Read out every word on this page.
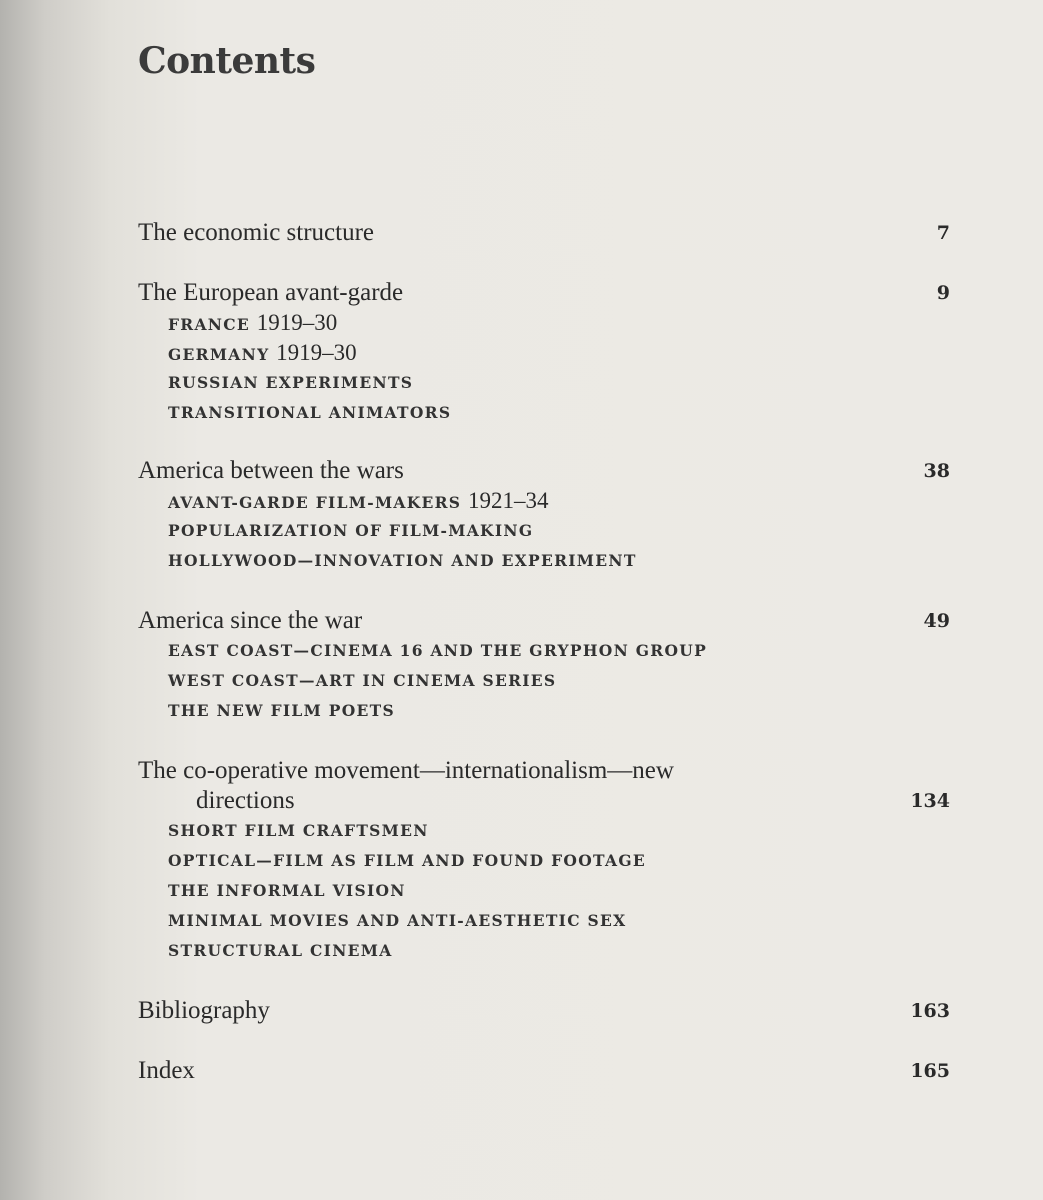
Contents
The economic structure	7
The European avant-garde	9
FRANCE 1919–30
GERMANY 1919–30
RUSSIAN EXPERIMENTS
TRANSITIONAL ANIMATORS
America between the wars	38
AVANT-GARDE FILM-MAKERS 1921–34
POPULARIZATION OF FILM-MAKING
HOLLYWOOD—INNOVATION AND EXPERIMENT
America since the war	49
EAST COAST—CINEMA 16 AND THE GRYPHON GROUP
WEST COAST—ART IN CINEMA SERIES
THE NEW FILM POETS
The co-operative movement—internationalism—new
directions	134
SHORT FILM CRAFTSMEN
OPTICAL—FILM AS FILM AND FOUND FOOTAGE
THE INFORMAL VISION
MINIMAL MOVIES AND ANTI-AESTHETIC SEX
STRUCTURAL CINEMA
Bibliography	163
Index	165
